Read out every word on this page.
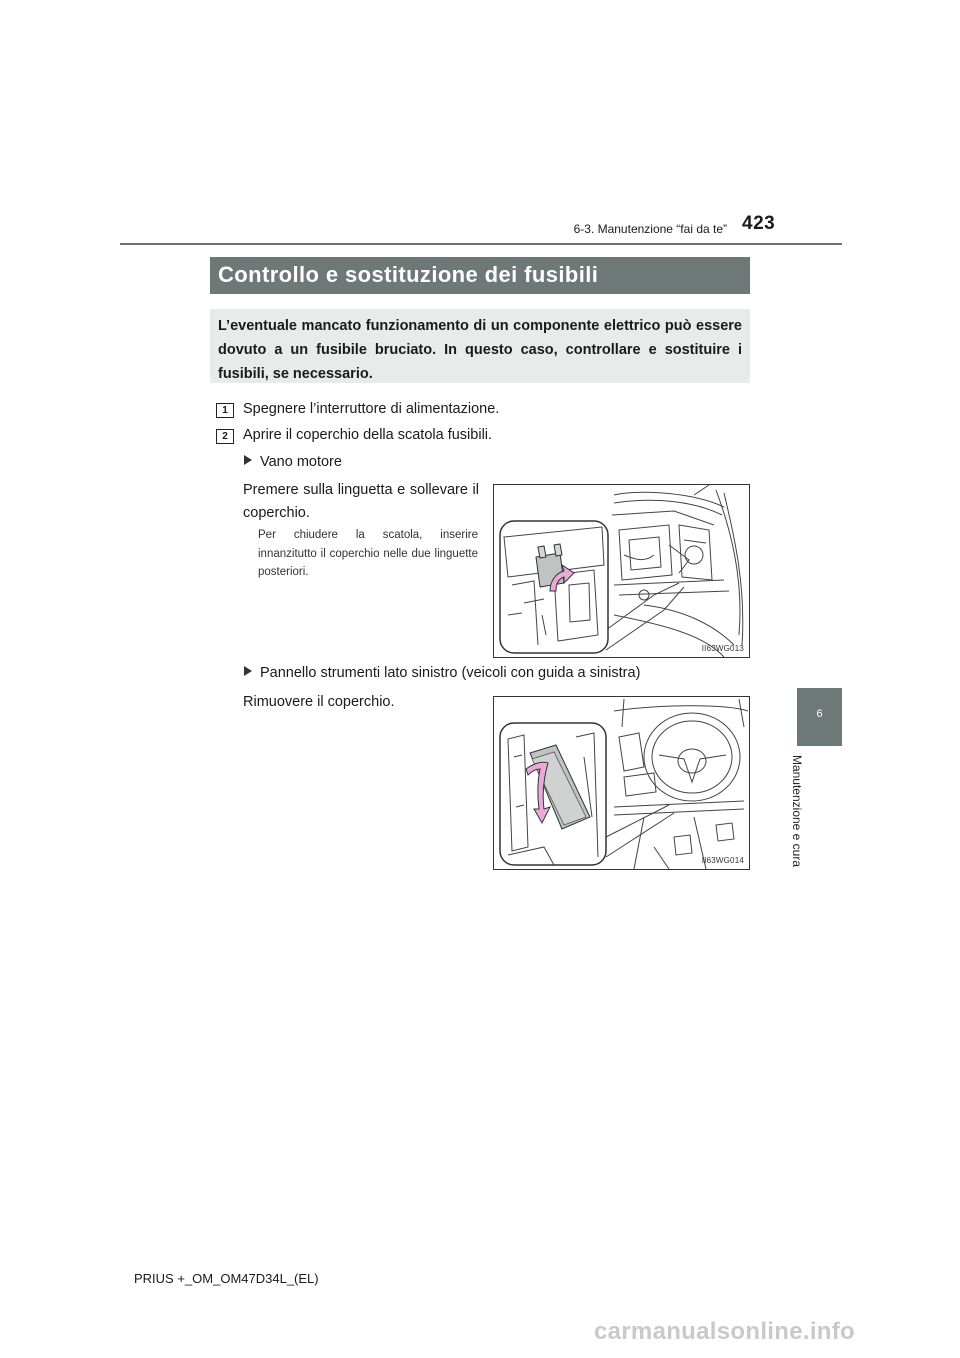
6-3. Manutenzione “fai da te” 423
Controllo e sostituzione dei fusibili

L’eventuale mancato funzionamento di un componente elettrico può essere dovuto a un fusibile bruciato. In questo caso, controllare e sostituire i fusibili, se necessario.

1	Spegnere l’interruttore di alimentazione.
2	Aprire il coperchio della scatola fusibili.
Vano motore

Premere sulla linguetta e sollevare il coperchio.

Per chiudere la scatola, inserire innanzitutto il coperchio nelle due linguette posteriori.

II63WG013
Pannello strumenti lato sinistro (veicoli con guida a sinistra)

Rimuovere il coperchio.

II63WG014
6
Manutenzione e cura
PRIUS +_OM_OM47D34L_(EL)
carmanualsonline.info
